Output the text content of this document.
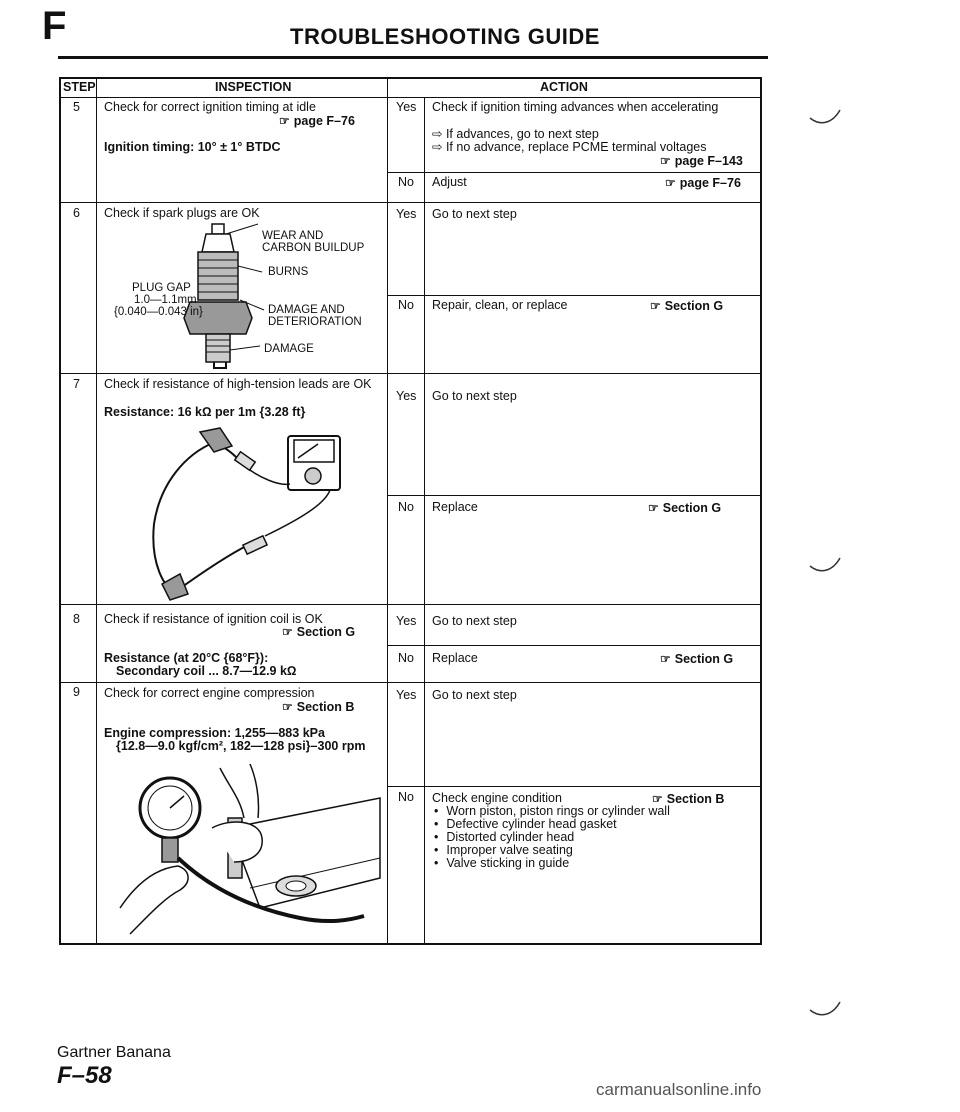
F	TROUBLESHOOTING GUIDE
STEP	INSPECTION	ACTION
5 Check for correct ignition timing at idle
☞ page F–76
Ignition timing: 10° ± 1° BTDC
Yes Check if ignition timing advances when accelerating
⇨ If advances, go to next step
⇨ If no advance, replace PCME terminal voltages
☞ page F–143
No Adjust	☞ page F–76
6 Check if spark plugs are OK
WEAR AND
CARBON BUILDUP
BURNS
PLUG GAP
1.0—1.1mm
{0.040—0.043 in}	DAMAGE AND
DETERIORATION
DAMAGE
Yes Go to next step
No Repair, clean, or replace	☞ Section G
7 Check if resistance of high-tension leads are OK
Resistance: 16 kΩ per 1m {3.28 ft}
Yes Go to next step
No Replace	☞ Section G
8 Check if resistance of ignition coil is OK
☞ Section G
Resistance (at 20°C {68°F}):
Secondary coil ... 8.7—12.9 kΩ
Yes Go to next step
No Replace	☞ Section G
9 Check for correct engine compression
☞ Section B
Engine compression: 1,255—883 kPa
{12.8—9.0 kgf/cm², 182—128 psi}–300 rpm
Yes Go to next step
No Check engine condition	☞ Section B
• Worn piston, piston rings or cylinder wall
• Defective cylinder head gasket
• Distorted cylinder head
• Improper valve seating
• Valve sticking in guide
Gartner Banana
F–58
carmanualsonline.info
